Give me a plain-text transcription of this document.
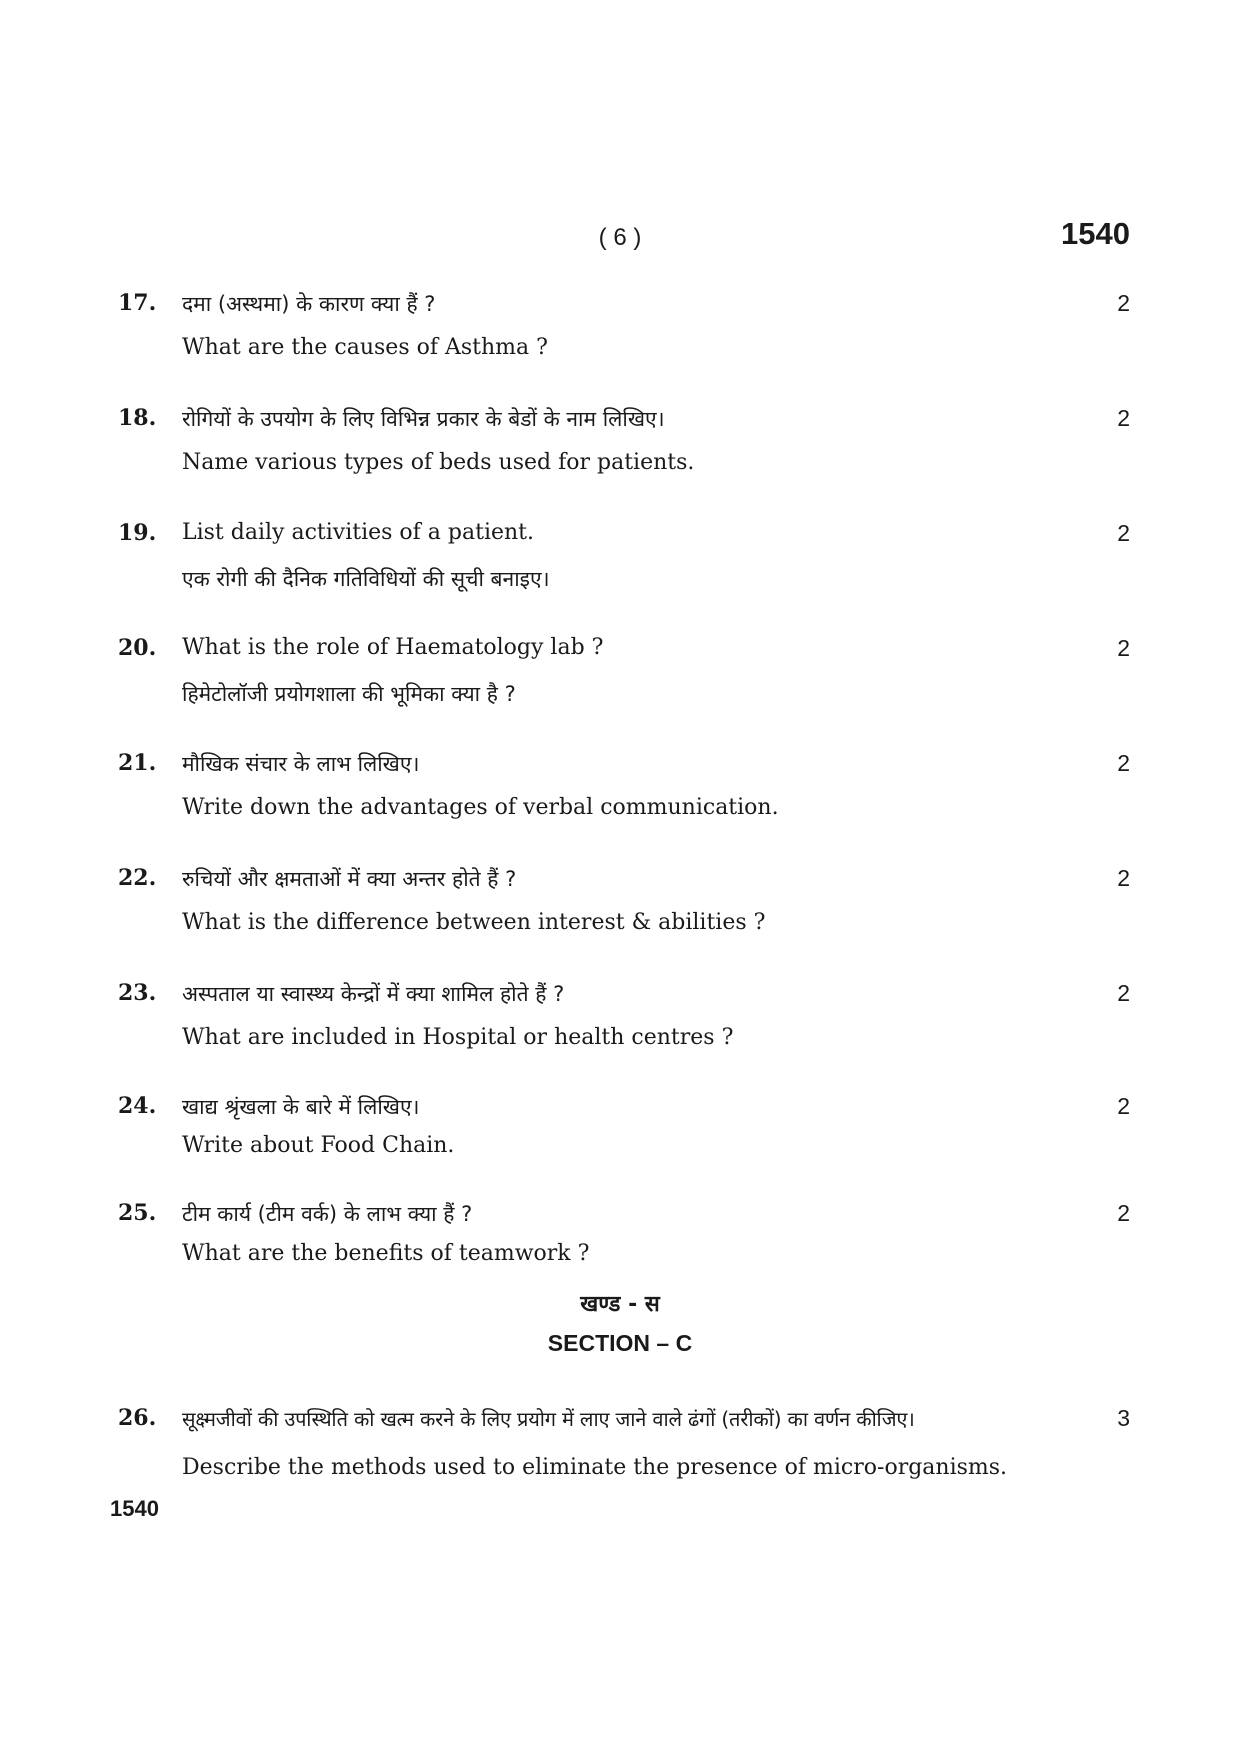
( 6 )	1540
17. दमा (अस्थमा) के कारण क्या हैं ?
What are the causes of Asthma ?
2
18. रोगियों के उपयोग के लिए विभिन्न प्रकार के बेडों के नाम लिखिए।
Name various types of beds used for patients.
2
19. List daily activities of a patient.
एक रोगी की दैनिक गतिविधियों की सूची बनाइए।
2
20. What is the role of Haematology lab ?
हिमेटोलॉजी प्रयोगशाला की भूमिका क्या है ?
2
21. मौखिक संचार के लाभ लिखिए।
Write down the advantages of verbal communication.
2
22. रुचियों और क्षमताओं में क्या अन्तर होते हैं ?
What is the difference between interest & abilities ?
2
23. अस्पताल या स्वास्थ्य केन्द्रों में क्या शामिल होते हैं ?
What are included in Hospital or health centres ?
2
24. खाद्य श्रृंखला के बारे में लिखिए।
Write about Food Chain.
2
25. टीम कार्य (टीम वर्क) के लाभ क्या हैं ?
What are the benefits of teamwork ?
2
खण्ड - स
SECTION – C
26. सूक्ष्मजीवों की उपस्थिति को खत्म करने के लिए प्रयोग में लाए जाने वाले ढंगों (तरीकों) का वर्णन कीजिए।
Describe the methods used to eliminate the presence of micro-organisms.
3
1540
